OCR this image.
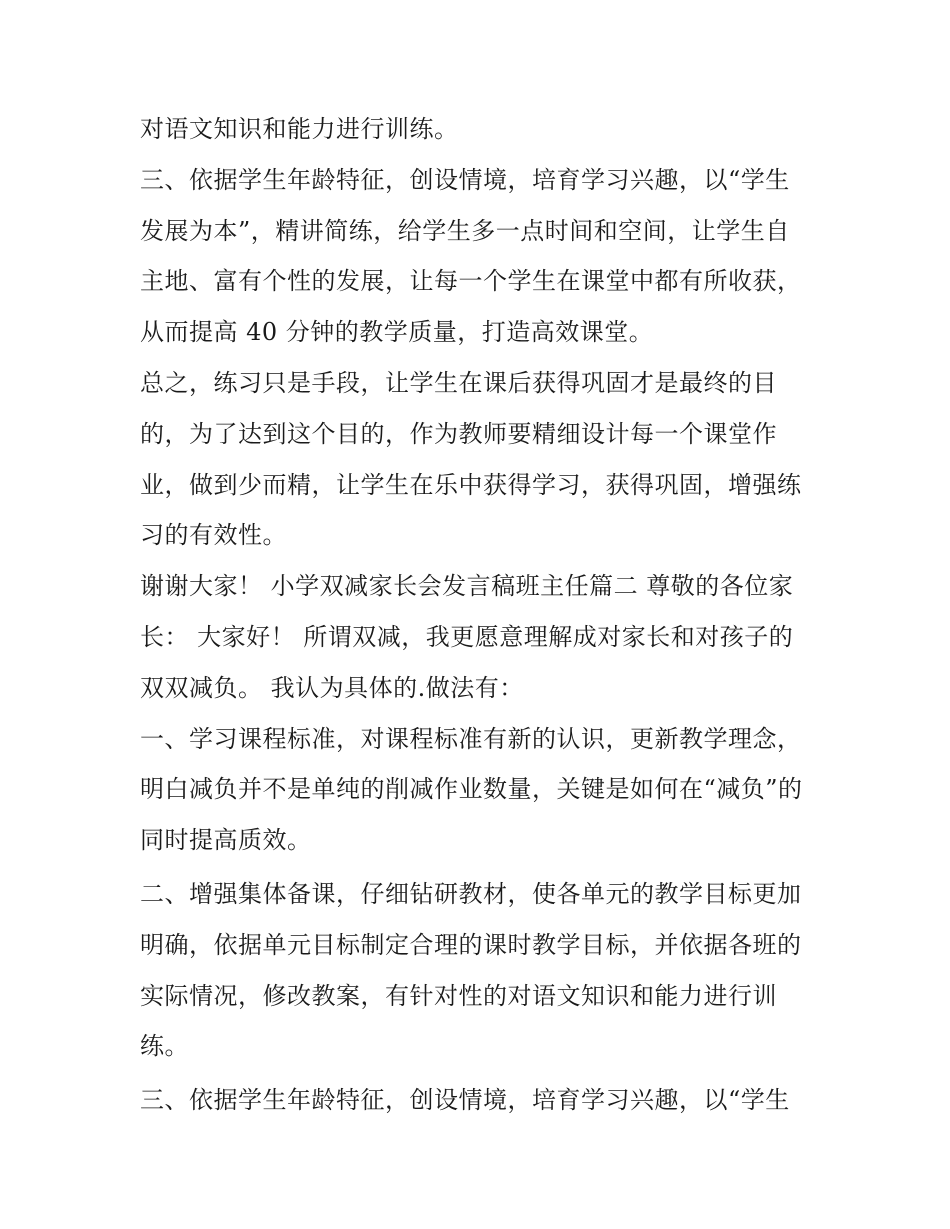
对语文知识和能力进行训练。
三、依据学生年龄特征，创设情境，培育学习兴趣，以“学生
发展为本”，精讲简练，给学生多一点时间和空间，让学生自
主地、富有个性的发展，让每一个学生在课堂中都有所收获，
从而提高 40 分钟的教学质量，打造高效课堂。
总之，练习只是手段，让学生在课后获得巩固才是最终的目
的，为了达到这个目的，作为教师要精细设计每一个课堂作
业，做到少而精，让学生在乐中获得学习，获得巩固，增强练
习的有效性。
谢谢大家！ 小学双减家长会发言稿班主任篇二 尊敬的各位家
长： 大家好！ 所谓双减，我更愿意理解成对家长和对孩子的
双双减负。 我认为具体的.做法有：
一、学习课程标准，对课程标准有新的认识，更新教学理念，
明白减负并不是单纯的削减作业数量，关键是如何在“减负”的
同时提高质效。
二、增强集体备课，仔细钻研教材，使各单元的教学目标更加
明确，依据单元目标制定合理的课时教学目标，并依据各班的
实际情况，修改教案，有针对性的对语文知识和能力进行训
练。
三、依据学生年龄特征，创设情境，培育学习兴趣，以“学生
